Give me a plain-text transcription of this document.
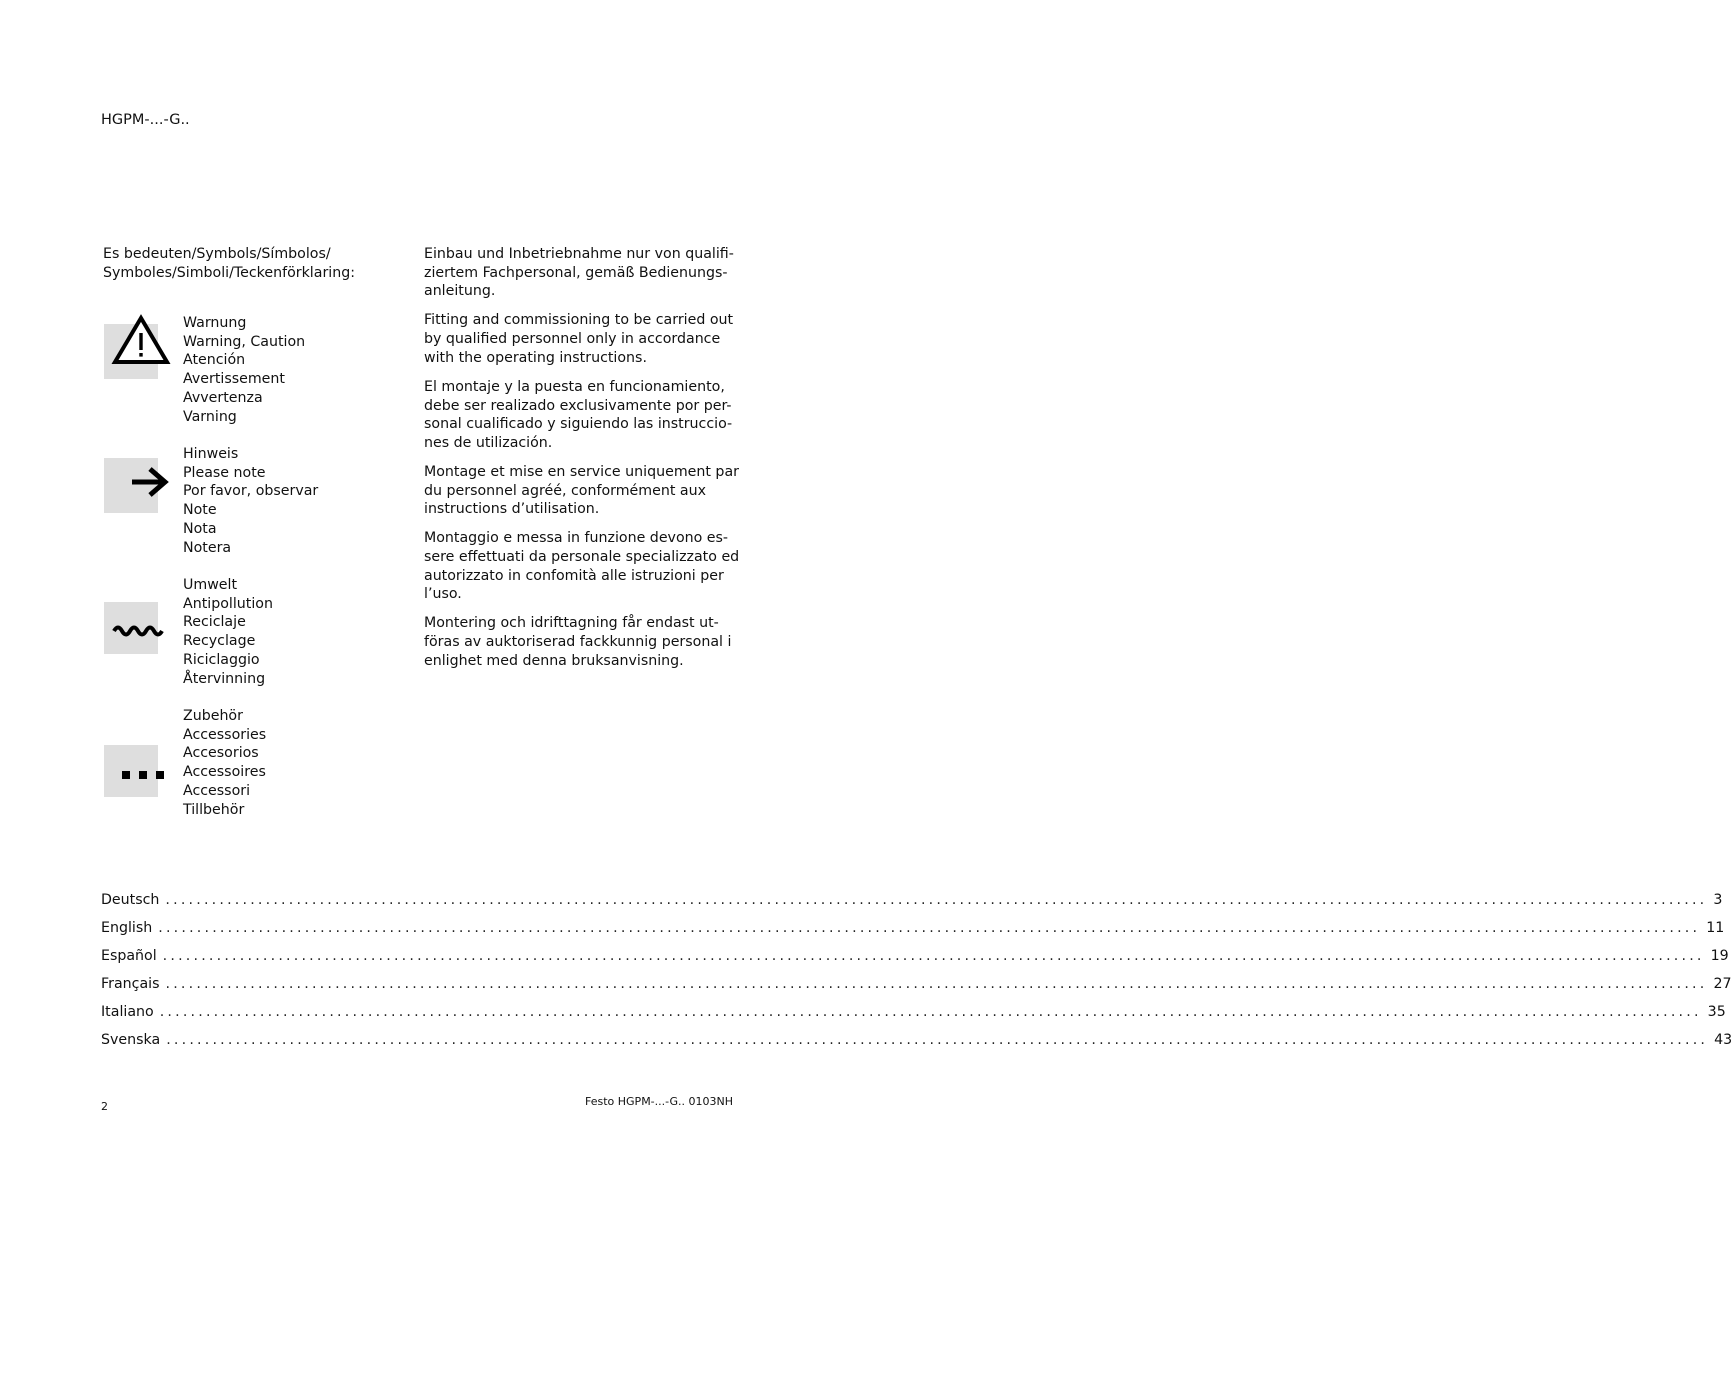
HGPM-...-G..
Es bedeuten/Symbols/Símbolos/
Symboles/Simboli/Teckenförklaring:
Warnung
Warning, Caution
Atención
Avertissement
Avvertenza
Varning
Hinweis
Please note
Por favor, observar
Note
Nota
Notera
Umwelt
Antipollution
Reciclaje
Recyclage
Riciclaggio
Återvinning
Zubehör
Accessories
Accesorios
Accessoires
Accessori
Tillbehör
Einbau und Inbetriebnahme nur von qualifi-
ziertem Fachpersonal, gemäß Bedienungs-
anleitung.
Fitting and commissioning to be carried out
by qualified personnel only in accordance
with the operating instructions.
El montaje y la puesta en funcionamiento,
debe ser realizado exclusivamente por per-
sonal cualificado y siguiendo las instruccio-
nes de utilización.
Montage et mise en service uniquement par
du personnel agréé, conformément aux
instructions d’utilisation.
Montaggio e messa in funzione devono es-
sere effettuati da personale specializzato ed
autorizzato in confomità alle istruzioni per
l’uso.
Montering och idrifttagning får endast ut-
föras av auktoriserad fackkunnig personal i
enlighet med denna bruksanvisning.
Deutsch ........................................................................................................................................................................................................ 3
English ........................................................................................................................................................................................................ 11
Español ........................................................................................................................................................................................................ 19
Français ........................................................................................................................................................................................................ 27
Italiano ........................................................................................................................................................................................................ 35
Svenska ........................................................................................................................................................................................................ 43
2	Festo HGPM-...-G.. 0103NH
